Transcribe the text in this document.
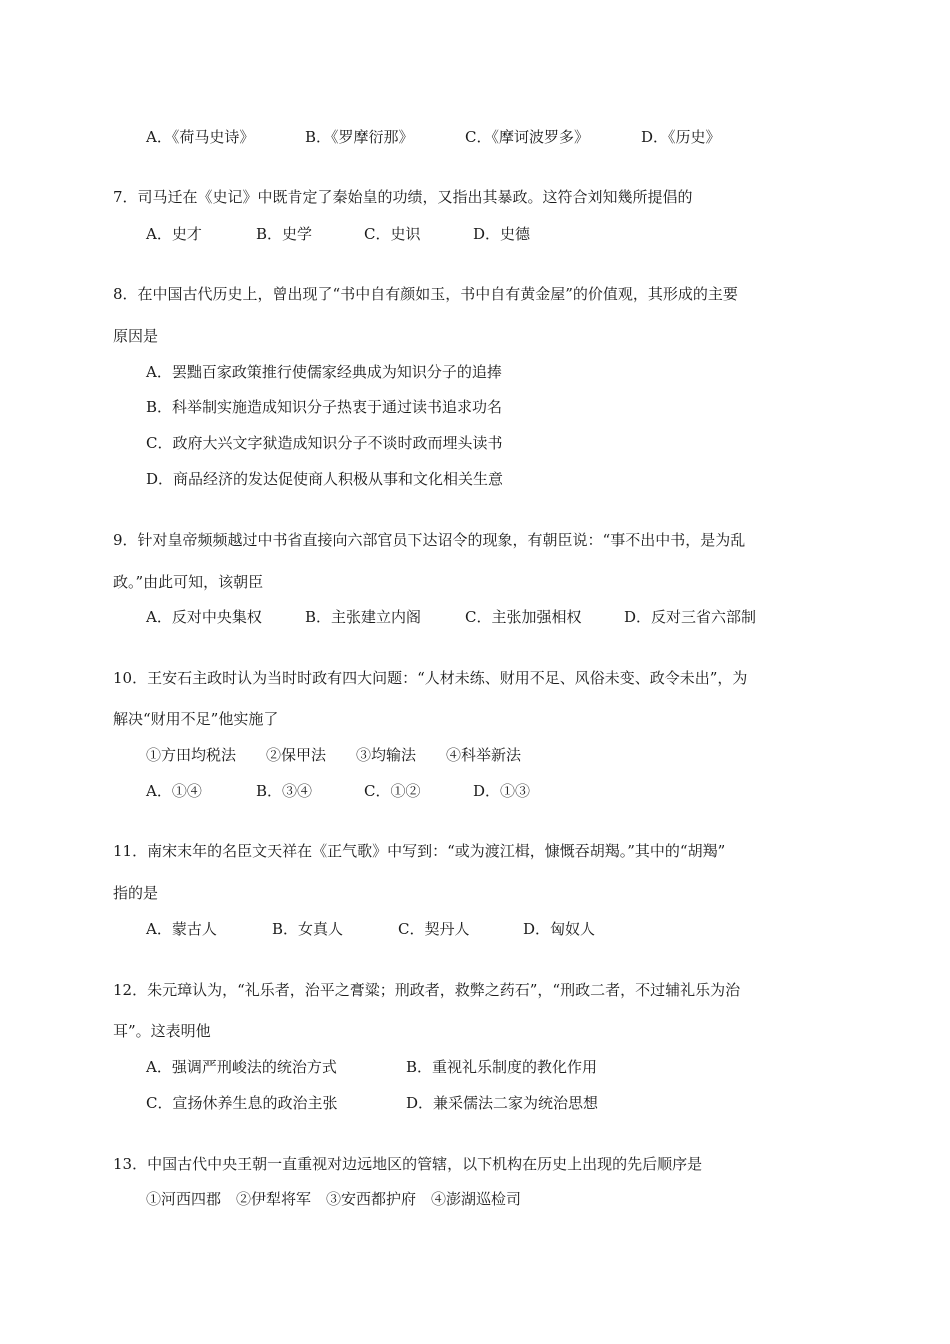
A．《荷马史诗》	B．《罗摩衍那》	C．《摩诃波罗多》	D．《历史》
7．司马迁在《史记》中既肯定了秦始皇的功绩，又指出其暴政。这符合刘知幾所提倡的
A．史才	B．史学	C．史识	D．史德
8．在中国古代历史上，曾出现了“书中自有颜如玉，书中自有黄金屋”的价值观，其形成的主要
原因是
A．罢黜百家政策推行使儒家经典成为知识分子的追捧
B．科举制实施造成知识分子热衷于通过读书追求功名
C．政府大兴文字狱造成知识分子不谈时政而埋头读书
D．商品经济的发达促使商人积极从事和文化相关生意
9．针对皇帝频频越过中书省直接向六部官员下达诏令的现象，有朝臣说：“事不出中书，是为乱
政。”由此可知，该朝臣
A．反对中央集权	B．主张建立内阁	C．主张加强相权	D．反对三省六部制
10．王安石主政时认为当时时政有四大问题：“人材未练、财用不足、风俗未变、政令未出”，为
解决“财用不足”他实施了
①方田均税法　　②保甲法　　③均输法　　④科举新法
A．①④	B．③④	C．①②	D．①③
11．南宋末年的名臣文天祥在《正气歌》中写到：“或为渡江楫，慷慨吞胡羯。”其中的“胡羯”
指的是
A．蒙古人	B．女真人	C．契丹人	D．匈奴人
12．朱元璋认为，“礼乐者，治平之膏粱；刑政者，救弊之药石”，“刑政二者，不过辅礼乐为治
耳”。这表明他
A．强调严刑峻法的统治方式	B．重视礼乐制度的教化作用
C．宣扬休养生息的政治主张	D．兼采儒法二家为统治思想
13．中国古代中央王朝一直重视对边远地区的管辖，以下机构在历史上出现的先后顺序是
①河西四郡　②伊犁将军　③安西都护府　④澎湖巡检司
